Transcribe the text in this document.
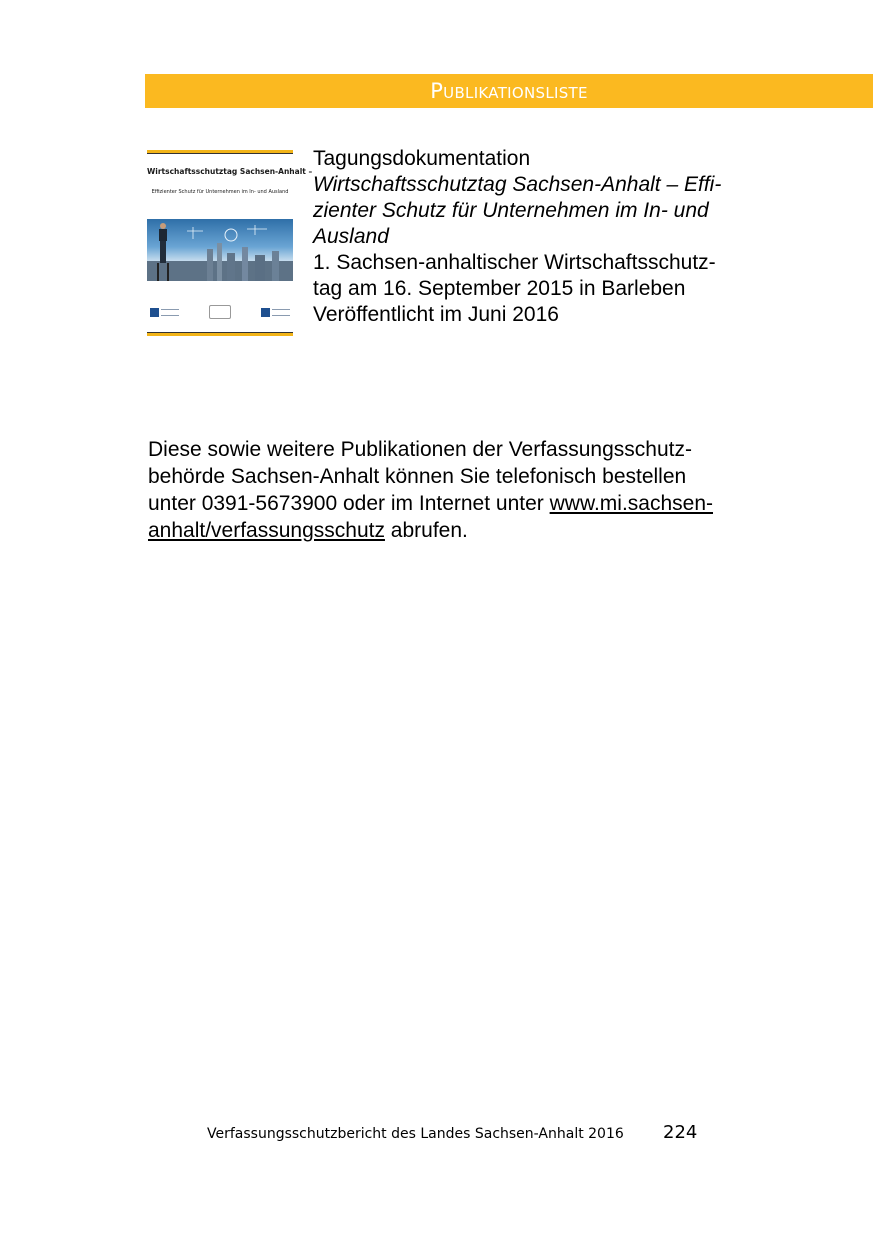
Publikationsliste
Wirtschaftsschutztag Sachsen-Anhalt –
Effizienter Schutz für Unternehmen im In- und Ausland
Tagungsdokumentation
Wirtschaftsschutztag Sachsen-Anhalt – Effi-
zienter Schutz für Unternehmen im In- und
Ausland
1. Sachsen-anhaltischer Wirtschaftsschutz-
tag am 16. September 2015 in Barleben
Veröffentlicht im Juni 2016
Diese sowie weitere Publikationen der Verfassungsschutz-
behörde Sachsen-Anhalt können Sie telefonisch bestellen
unter 0391-5673900 oder im Internet unter www.mi.sachsen-
anhalt/verfassungsschutz abrufen.
Verfassungsschutzbericht des Landes Sachsen-Anhalt 2016 224
